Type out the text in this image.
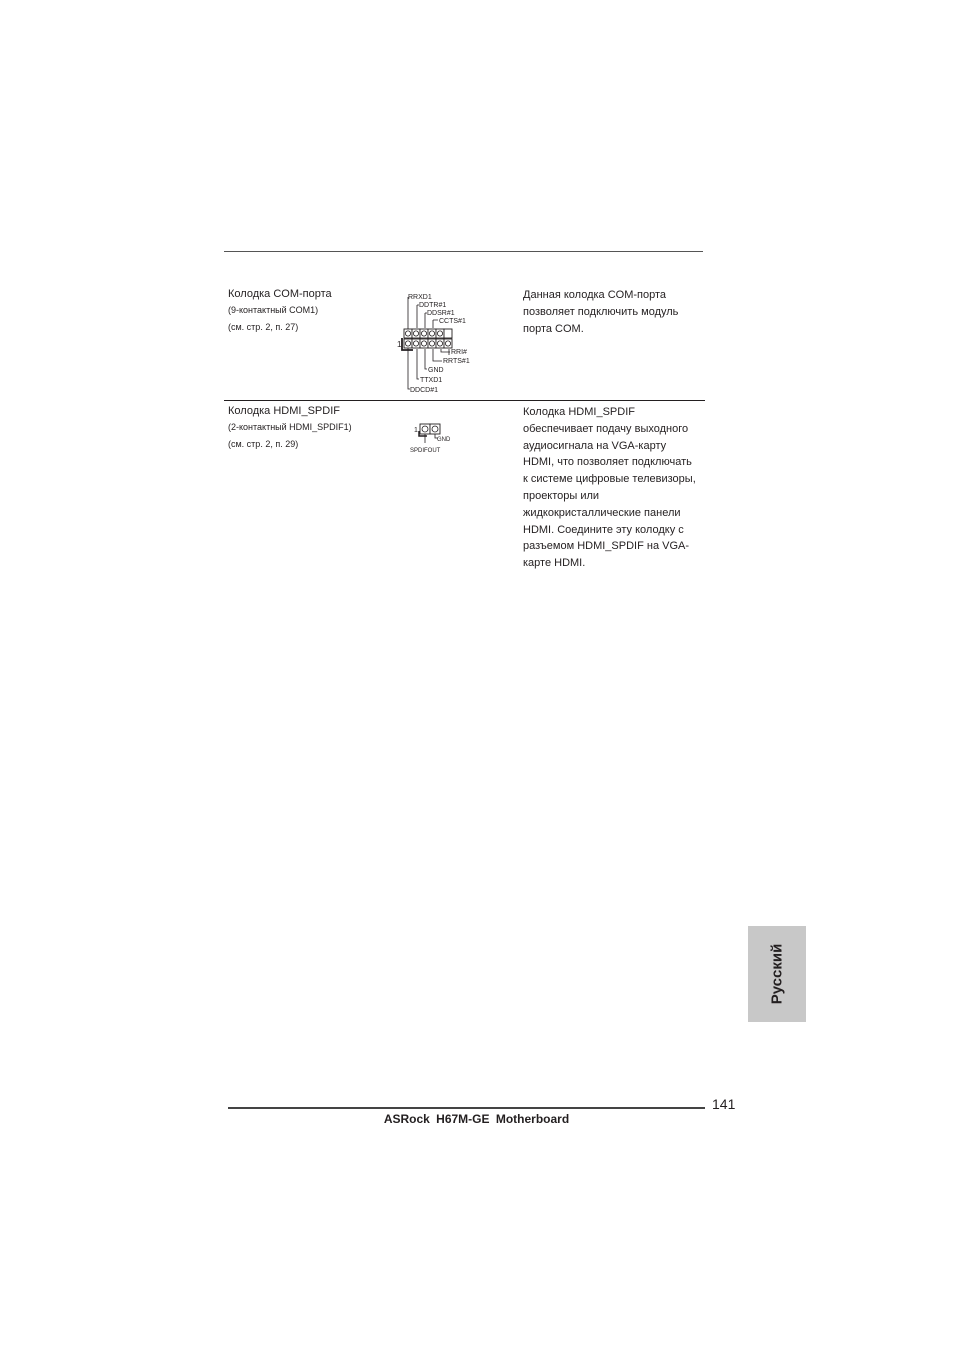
Колодка COM-порта
(9-контактный COM1)
(см. стр. 2, п. 27)
1
RRXD1
DDTR#1
DDSR#1
CCTS#1
RRI#
RRTS#1
GND
TTXD1
DDCD#1
Данная колодка COM-порта
позволяет подключить модуль
порта COM.
Колодка HDMI_SPDIF
(2-контактный HDMI_SPDIF1)
(см. стр. 2, п. 29)
1
GND
SPDIFOUT
Колодка HDMI_SPDIF
обеспечивает подачу выходного
аудиосигнала на VGA-карту
HDMI, что позволяет подключать
к системе цифровые телевизоры,
проекторы или
жидкокристаллические панели
HDMI. Соедините эту колодку с
разъемом HDMI_SPDIF на VGA-
карте HDMI.
Русский
141
ASRock H67M-GE Motherboard
